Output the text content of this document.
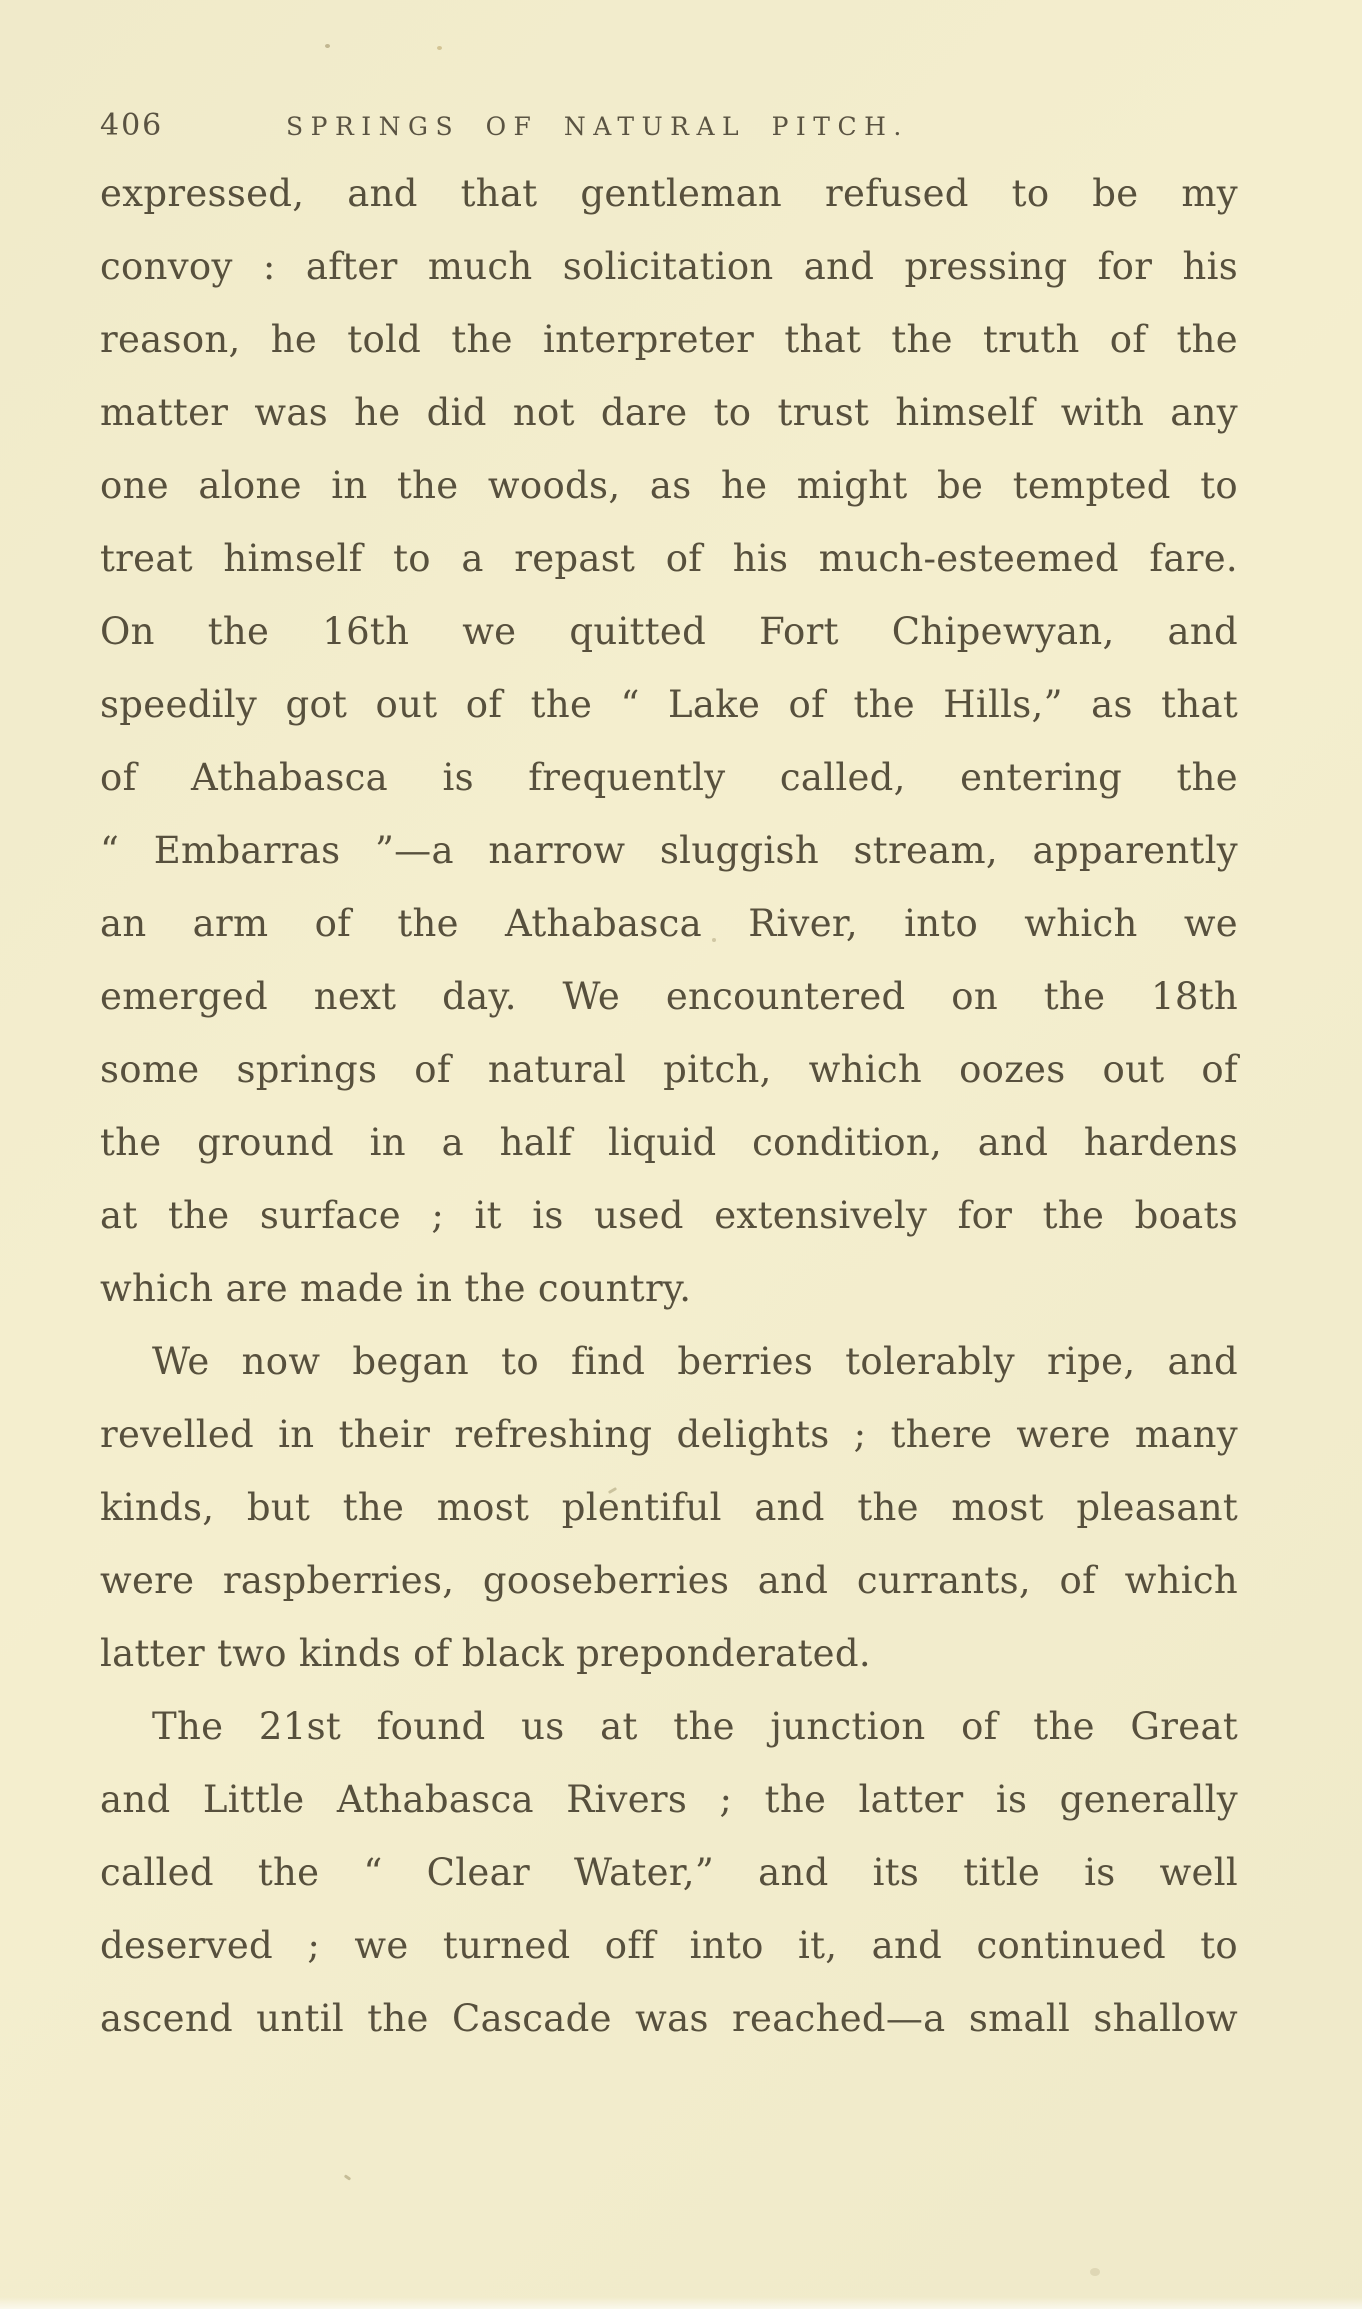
406	SPRINGS OF NATURAL PITCH.
expressed, and that gentleman refused to be my
convoy : after much solicitation and pressing for his
reason, he told the interpreter that the truth of the
matter was he did not dare to trust himself with any
one alone in the woods, as he might be tempted to
treat himself to a repast of his much-esteemed fare.
On the 16th we quitted Fort Chipewyan, and
speedily got out of the “ Lake of the Hills,” as that
of Athabasca is frequently called, entering the
“ Embarras ”—a narrow sluggish stream, apparently
an arm of the Athabasca River, into which we
emerged next day. We encountered on the 18th
some springs of natural pitch, which oozes out of
the ground in a half liquid condition, and hardens
at the surface ; it is used extensively for the boats
which are made in the country.
We now began to find berries tolerably ripe, and
revelled in their refreshing delights ; there were many
kinds, but the most plentiful and the most pleasant
were raspberries, gooseberries and currants, of which
latter two kinds of black preponderated.
The 21st found us at the junction of the Great
and Little Athabasca Rivers ; the latter is generally
called the “ Clear Water,” and its title is well
deserved ; we turned off into it, and continued to
ascend until the Cascade was reached—a small shallow
